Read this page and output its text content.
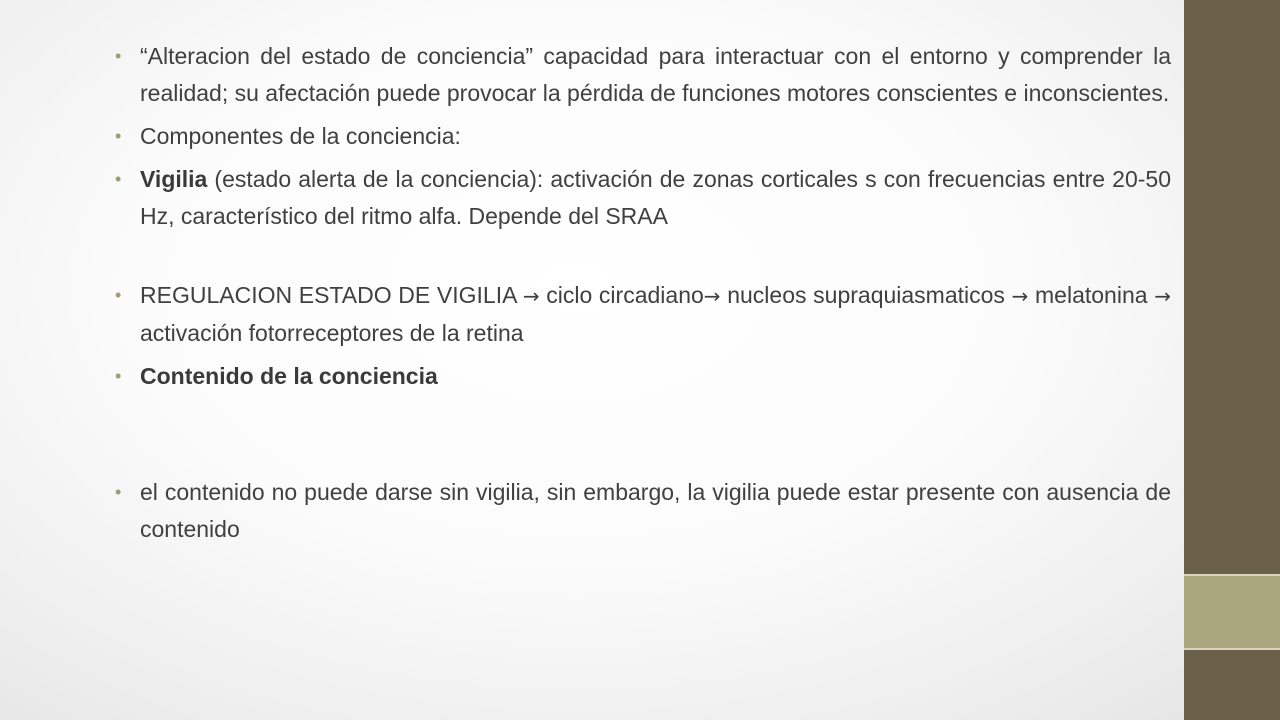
• “Alteracion del estado de conciencia” capacidad para interactuar con el entorno y comprender la realidad; su afectación puede provocar la pérdida de funciones motores conscientes e inconscientes.

• Componentes de la conciencia:

• Vigilia (estado alerta de la conciencia): activación de zonas corticales s con frecuencias entre 20-50 Hz, característico del ritmo alfa. Depende del SRAA

• REGULACION ESTADO DE VIGILIA → ciclo circadiano→ nucleos supraquiasmaticos → melatonina → activación fotorreceptores de la retina

• Contenido de la conciencia

• el contenido no puede darse sin vigilia, sin embargo, la vigilia puede estar presente con ausencia de contenido
